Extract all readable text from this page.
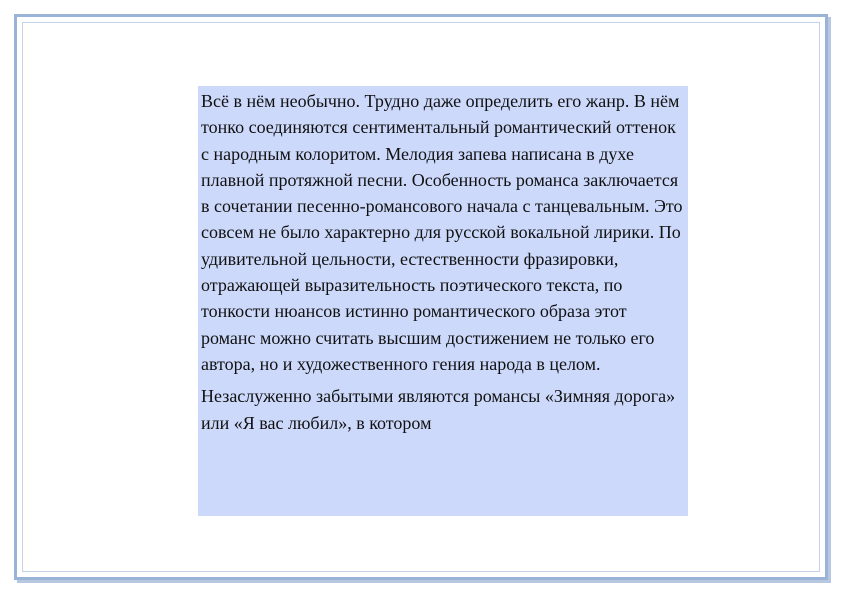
Всё в нём необычно. Трудно даже определить его жанр. В нём тонко соединяются сентиментальный романтический оттенок с народным колоритом. Мелодия запева написана в духе плавной протяжной песни. Особенность романса заключается в сочетании песенно-романсового начала с танцевальным. Это совсем не было характерно для русской вокальной лирики. По удивительной цельности, естественности фразировки, отражающей выразительность поэтического текста, по тонкости нюансов истинно романтического образа этот романс можно считать высшим достижением не только его автора, но и художественного гения народа в целом.

Незаслуженно забытыми являются романсы «Зимняя дорога» или «Я вас любил», в котором
